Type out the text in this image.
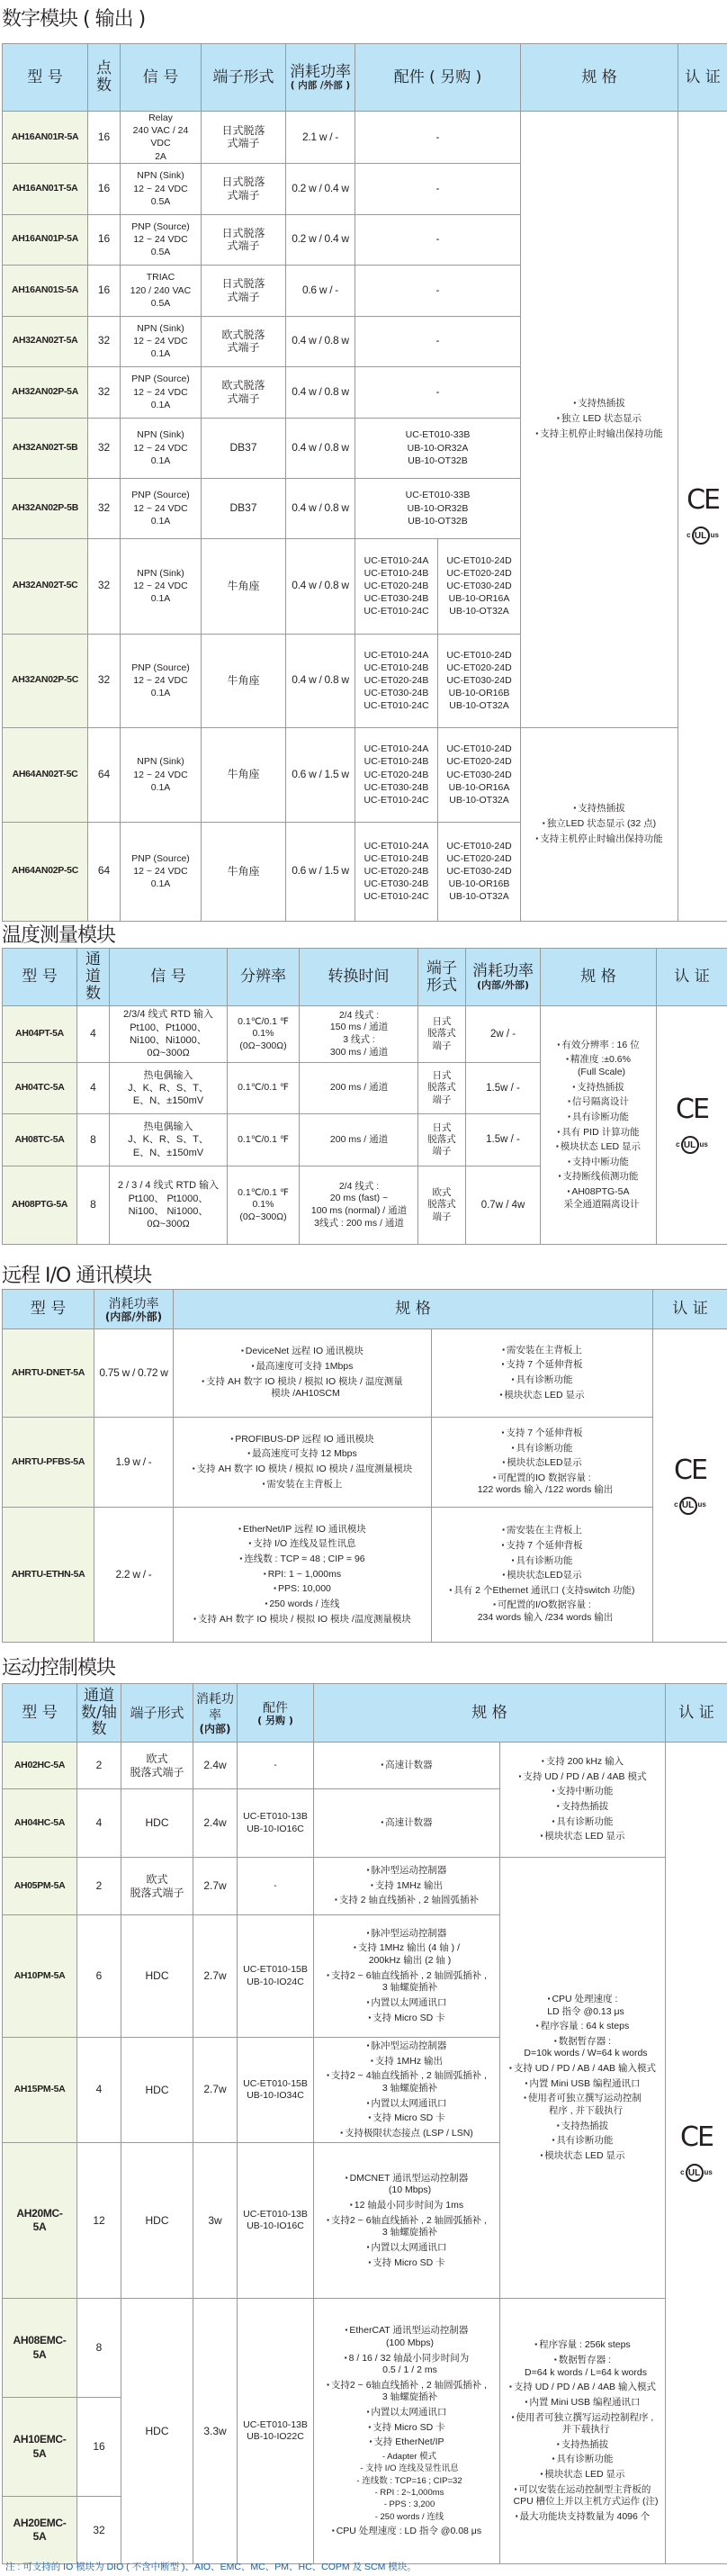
数字模块 ( 输出 )
型 号	点数	信 号	端子形式	消耗功率
( 内部 /外部 )	配件 ( 另购 )		规 格	认 证
AH16AN01R-5A	16	Relay
240 VAC / 24 VDC
2A	日式脱落式端子	2.1 w / -	-		▪ 支持热插拔
▪ 独立 LED 状态显示
▪ 支持主机停止时输出保持功能	CE
c UL us

AH16AN01T-5A	16	NPN (Sink)
12 ~ 24 VDC
0.5A	日式脱落式端子	0.2 w / 0.4 w	-			
AH16AN01P-5A	16	PNP (Source)
12 ~ 24 VDC
0.5A	日式脱落式端子	0.2 w / 0.4 w	-			
AH16AN01S-5A	16	TRIAC
120 / 240 VAC
0.5A	日式脱落式端子	0.6 w / -	-			
AH32AN02T-5A	32	NPN (Sink)
12 ~ 24 VDC
0.1A	欧式脱落式端子	0.4 w / 0.8 w	-			
AH32AN02P-5A	32	PNP (Source)
12 ~ 24 VDC
0.1A	欧式脱落式端子	0.4 w / 0.8 w	-			
AH32AN02T-5B	32	NPN (Sink)
12 ~ 24 VDC
0.1A	DB37	0.4 w / 0.8 w	UC-ET010-33B
UB-10-OR32A
UB-10-OT32B			
AH32AN02P-5B	32	PNP (Source)
12 ~ 24 VDC
0.1A	DB37	0.4 w / 0.8 w	UC-ET010-33B
UB-10-OR32B
UB-10-OT32B			
AH32AN02T-5C	32	NPN (Sink)
12 ~ 24 VDC
0.1A	牛角座	0.4 w / 0.8 w	UC-ET010-24A
UC-ET010-24B
UC-ET020-24B
UC-ET030-24B
UC-ET010-24C	UC-ET010-24D
UC-ET020-24D
UC-ET030-24D
UB-10-OR16A
UB-10-OT32A		
AH32AN02P-5C	32	PNP (Source)
12 ~ 24 VDC
0.1A	牛角座	0.4 w / 0.8 w	UC-ET010-24A
UC-ET010-24B
UC-ET020-24B
UC-ET030-24B
UC-ET010-24C	UC-ET010-24D
UC-ET020-24D
UC-ET030-24D
UB-10-OR16B
UB-10-OT32A		
AH64AN02T-5C	64	NPN (Sink)
12 ~ 24 VDC
0.1A	牛角座	0.6 w / 1.5 w	UC-ET010-24A
UC-ET010-24B
UC-ET020-24B
UC-ET030-24B
UC-ET010-24C	UC-ET010-24D
UC-ET020-24D
UC-ET030-24D
UB-10-OR16A
UB-10-OT32A	▪ 支持热插拔
▪ 独立LED 状态显示 (32 点)
▪ 支持主机停止时输出保持功能

AH64AN02P-5C	64	PNP (Source)
12 ~ 24 VDC
0.1A	牛角座	0.6 w / 1.5 w	UC-ET010-24A
UC-ET010-24B
UC-ET020-24B
UC-ET030-24B
UC-ET010-24C	UC-ET010-24D
UC-ET020-24D
UC-ET030-24D
UB-10-OR16B
UB-10-OT32A		
温度测量模块
型 号	通道数	信 号	分辨率	转换时间	端子形式	消耗功率
(内部/外部)	规 格	认 证
AH04PT-5A	4	2/3/4 线式 RTD 输入
Pt100、Pt1000、
Ni100、Ni1000、
0Ω~300Ω	0.1℃/0.1 ℉
0.1%
(0Ω~300Ω)	2/4 线式 :
150 ms / 通道
3 线式 :
300 ms / 通道	日式
脱落式
端子	2w / -	
▪ 有效分辨率 : 16 位
▪ 精准度 :±0.6%
(Full Scale)
▪ 支持热插拔
▪ 信号隔离设计
▪ 具有诊断功能
▪ 具有 PID 计算功能
▪ 模块状态 LED 显示
▪ 支持中断功能
▪ 支持断线侦测功能
▪ AH08PTG-5A
采全通道隔离设计

CE
c UL us

AH04TC-5A	4	热电偶输入
J、K、R、S、T、
E、N、±150mV	0.1℃/0.1 ℉	200 ms / 通道	日式
脱落式
端子	1.5w / -		
AH08TC-5A	8	热电偶输入
J、K、R、S、T、
E、N、±150mV	0.1℃/0.1 ℉	200 ms / 通道	日式
脱落式
端子	1.5w / -		
AH08PTG-5A	8	2 / 3 / 4 线式 RTD 输入
Pt100、 Pt1000、
Ni100、 Ni1000、
0Ω~300Ω	0.1℃/0.1 ℉
0.1%
(0Ω~300Ω)	2/4 线式 :
20 ms (fast) ~
100 ms (normal) / 通道
3线式 : 200 ms / 通道	欧式
脱落式
端子	0.7w / 4w		
远程 I/O 通讯模块
型 号	消耗功率
(内部/外部)	规 格		认 证
AHRTU-DNET-5A	0.75 w / 0.72 w	▪ DeviceNet 远程 IO 通讯模块
▪ 最高速度可支持 1Mbps
▪ 支持 AH 数字 IO 模块 / 模拟 IO 模块 / 温度测量
模块 /AH10SCM	▪ 需安装在主背板上
▪ 支持 7 个延伸背板
▪ 具有诊断功能
▪ 模块状态 LED 显示	CE
c UL us

AHRTU-PFBS-5A	1.9 w / -	▪ PROFIBUS-DP 远程 IO 通讯模块
▪ 最高速度可支持 12 Mbps
▪ 支持 AH 数字 IO 模块 / 模拟 IO 模块 / 温度测量模块
▪ 需安装在主背板上	▪ 支持 7 个延伸背板
▪ 具有诊断功能
▪ 模块状态LED显示
▪ 可配置的IO 数据容量 :
122 words 输入 /122 words 输出

AHRTU-ETHN-5A	2.2 w / -	
▪ EtherNet/IP 远程 IO 通讯模块
▪ 支持 I/O 连线及显性讯息
▪ 连线数 : TCP = 48 ; CIP = 96
▪ RPI: 1 ~ 1,000ms
▪ PPS: 10,000
▪ 250 words / 连线
▪ 支持 AH 数字 IO 模块 / 模拟 IO 模块 /温度测量模块

▪ 需安装在主背板上
▪ 支持 7 个延伸背板
▪ 具有诊断功能
▪ 模块状态LED显示
▪ 具有 2 个Ethernet 通讯口 (支持switch 功能)
▪ 可配置的I/O数据容量 :
234 words 输入 /234 words 输出
运动控制模块
型 号	通道数/轴数	端子形式	消耗功率
(内部)	配件
( 另购 )	规 格		认 证
AH02HC-5A	2	欧式
脱落式端子	2.4w	-	
▪高速计数器

▪支持 200 kHz 输入
▪ 支持 UD / PD / AB / 4AB 模式
▪ 支持中断功能
▪ 支持热插拔
▪ 具有诊断功能
▪ 模块状态 LED 显示

CE
c UL us

AH04HC-5A	4	HDC	2.4w	UC-ET010-13B
UB-10-IO16C	▪ 高速计数器

AH05PM-5A	2	欧式
脱落式端子	2.7w	-	
▪ 脉冲型运动控制器
▪ 支持 1MHz 输出
▪ 支持 2 轴直线插补 , 2 轴圆弧插补

▪ CPU 处理速度 :
LD 指令 @0.13 μs
▪ 程序容量 : 64 k steps
▪ 数据暂存器 :
D=10k words / W=64 k words
▪ 支持 UD / PD / AB / 4AB 输入模式
▪ 内置 Mini USB 编程通讯口
▪ 使用者可独立撰写运动控制
程序 , 并下载执行
▪ 支持热插拔
▪ 具有诊断功能
▪ 模块状态 LED 显示

AH10PM-5A	6	HDC	2.7w	UC-ET010-15B
UB-10-IO24C	
▪ 脉冲型运动控制器
▪ 支持 1MHz 输出 (4 轴 ) /
200kHz 输出 (2 轴 )
▪ 支持2 ~ 6轴直线插补 , 2 轴圆弧插补 ,
3 轴螺旋插补
▪ 内置以太网通讯口
▪ 支持 Micro SD 卡

AH15PM-5A	4	HDC	2.7w	UC-ET010-15B
UB-10-IO34C	
▪ 脉冲型运动控制器
▪ 支持 1MHz 输出
▪ 支持2 ~ 4轴直线插补 , 2 轴圆弧插补 ,
3 轴螺旋插补
▪ 内置以太网通讯口
▪ 支持 Micro SD 卡
▪ 支持极限状态接点 (LSP / LSN)

AH20MC-5A	12	HDC	3w	UC-ET010-13B
UB-10-IO16C	
▪ DMCNET 通讯型运动控制器
(10 Mbps)
▪ 12 轴最小同步时间为 1ms
▪ 支持2 ~ 6轴直线插补 , 2 轴圆弧插补 ,
3 轴螺旋插补
▪ 内置以太网通讯口
▪ 支持 Micro SD 卡

AH08EMC-5A	8	HDC	3.3w	UC-ET010-13B
UB-10-IO22C	
▪ EtherCAT 通讯型运动控制器
(100 Mbps)
▪ 8 / 16 / 32 轴最小同步时间为
0.5 / 1 / 2 ms
▪ 支持2 ~ 6轴直线插补 , 2 轴圆弧插补 ,
3 轴螺旋插补
▪ 内置以太网通讯口
▪ 支持 Micro SD 卡
▪ 支持 EtherNet/IP
- Adapter 模式
- 支持 I/O 连线及显性讯息
- 连线数 : TCP=16 ; CIP=32
- RPI : 2~1,000ms
- PPS : 3,200
- 250 words / 连线
▪ CPU 处理速度 : LD 指令 @0.08 μs

▪ 程序容量 : 256k steps
▪ 数据暂存器 :
D=64 k words / L=64 k words
▪ 支持 UD / PD / AB / 4AB 输入模式
▪ 内置 Mini USB 编程通讯口
▪ 使用者可独立撰写运动控制程序 ,
并下载执行
▪ 支持热插拔
▪ 具有诊断功能
▪ 模块状态 LED 显示
▪ 可以安装在运动控制型主背板的
CPU 槽位上并以主机方式运作 (注)
▪ 最大功能块支持数量为 4096 个

AH10EMC-5A	16						
AH20EMC-5A	32						
注 : 可支持的 IO 模块为 DIO ( 不含中断型 )、AIO、EMC、MC、PM、HC、COPM 及 SCM 模块。
